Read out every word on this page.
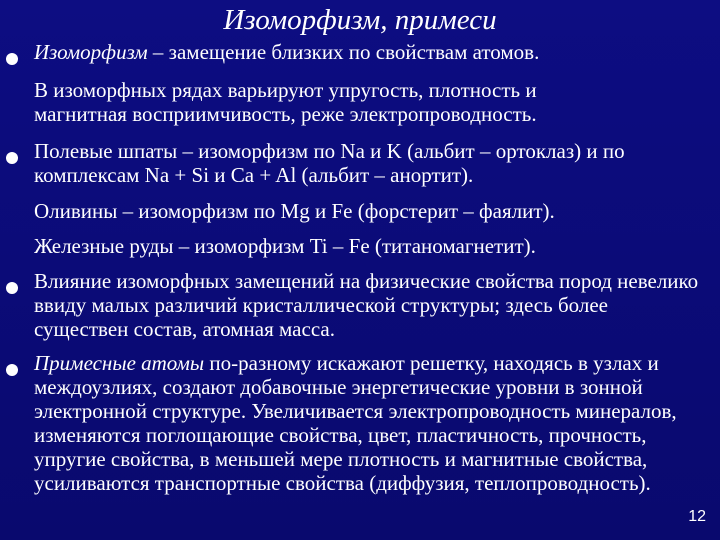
Изоморфизм, примеси
Изоморфизм – замещение близких по свойствам атомов.
В изоморфных рядах варьируют упругость, плотность и магнитная восприимчивость, реже электропроводность.
Полевые шпаты – изоморфизм по Na и K (альбит – ортоклаз) и по комплексам Na + Si и Ca + Al (альбит – анортит).
Оливины – изоморфизм по Mg и Fe (форстерит – фаялит).
Железные руды – изоморфизм Ti – Fe (титаномагнетит).
Влияние изоморфных замещений на физические свойства пород невелико ввиду малых различий кристаллической структуры; здесь более существен состав, атомная масса.
Примесные атомы по-разному искажают решетку, находясь в узлах и междоузлиях, создают добавочные энергетические уровни в зонной электронной структуре. Увеличивается электропроводность минералов, изменяются поглощающие свойства, цвет, пластичность, прочность, упругие свойства, в меньшей мере плотность и магнитные свойства, усиливаются транспортные свойства (диффузия, теплопроводность).
12
